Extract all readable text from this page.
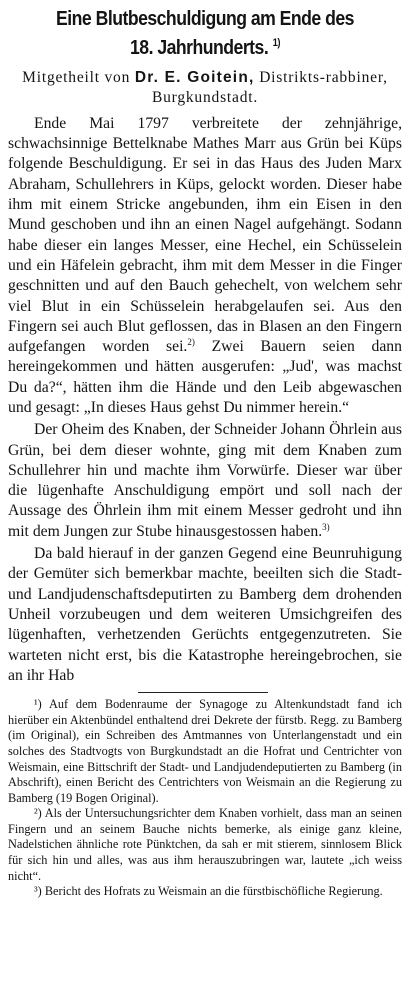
Eine Blutbeschuldigung am Ende des
18. Jahrhunderts. $^{1)}$
Mitgetheilt von Dr. E. Goitein, Distrikts-rabbiner, Burgkundstadt.

Ende Mai 1797 verbreitete der zehnjährige, schwachsinnige Bettelknabe Mathes Marr aus Grün bei Küps folgende Beschuldigung. Er sei in das Haus des Juden Marx Abraham, Schullehrers in Küps, gelockt worden. Dieser habe ihm mit einem Stricke angebunden, ihm ein Eisen in den Mund geschoben und ihn an einen Nagel aufgehängt. Sodann habe dieser ein langes Messer, eine Hechel, ein Schüsselein und ein Häfelein gebracht, ihm mit dem Messer in die Finger geschnitten und auf den Bauch gehechelt, von welchem sehr viel Blut in ein Schüsselein herabgelaufen sei. Aus den Fingern sei auch Blut geflossen, das in Blasen an den Fingern aufgefangen worden sei.$^{2)}$ Zwei Bauern seien dann hereingekommen und hätten ausgerufen: „Jud', was machst Du da?“, hätten ihm die Hände und den Leib abgewaschen und gesagt: „In dieses Haus gehst Du nimmer herein.“

Der Oheim des Knaben, der Schneider Johann Öhrlein aus Grün, bei dem dieser wohnte, ging mit dem Knaben zum Schullehrer hin und machte ihm Vorwürfe. Dieser war über die lügenhafte Anschuldigung empört und soll nach der Aussage des Öhrlein ihm mit einem Messer gedroht und ihn mit dem Jungen zur Stube hinausgestossen haben.$^{3)}$

Da bald hierauf in der ganzen Gegend eine Beunruhigung der Gemüter sich bemerkbar machte, beeilten sich die Stadt- und Landjudenschaftsdeputirten zu Bamberg dem drohenden Unheil vorzubeugen und dem weiteren Umsichgreifen des lügenhaften, verhetzenden Gerüchts entgegenzutreten. Sie warteten nicht erst, bis die Katastrophe hereingebrochen, sie an ihr Hab

¹) Auf dem Bodenraume der Synagoge zu Altenkundstadt fand ich hierüber ein Aktenbündel enthaltend drei Dekrete der fürstb. Regg. zu Bamberg (im Original), ein Schreiben des Amtmannes von Unterlangenstadt und ein solches des Stadtvogts von Burgkundstadt an die Hofrat und Centrichter von Weismain, eine Bittschrift der Stadt- und Landjudendeputierten zu Bamberg (in Abschrift), einen Bericht des Centrichters von Weismain an die Regierung zu Bamberg (19 Bogen Original).

²) Als der Untersuchungsrichter dem Knaben vorhielt, dass man an seinen Fingern und an seinem Bauche nichts bemerke, als einige ganz kleine, Nadelstichen ähnliche rote Pünktchen, da sah er mit stierem, sinnlosem Blick für sich hin und alles, was aus ihm herauszubringen war, lautete „ich weiss nicht“.

³) Bericht des Hofrats zu Weismain an die fürstbischöfliche Regierung.
